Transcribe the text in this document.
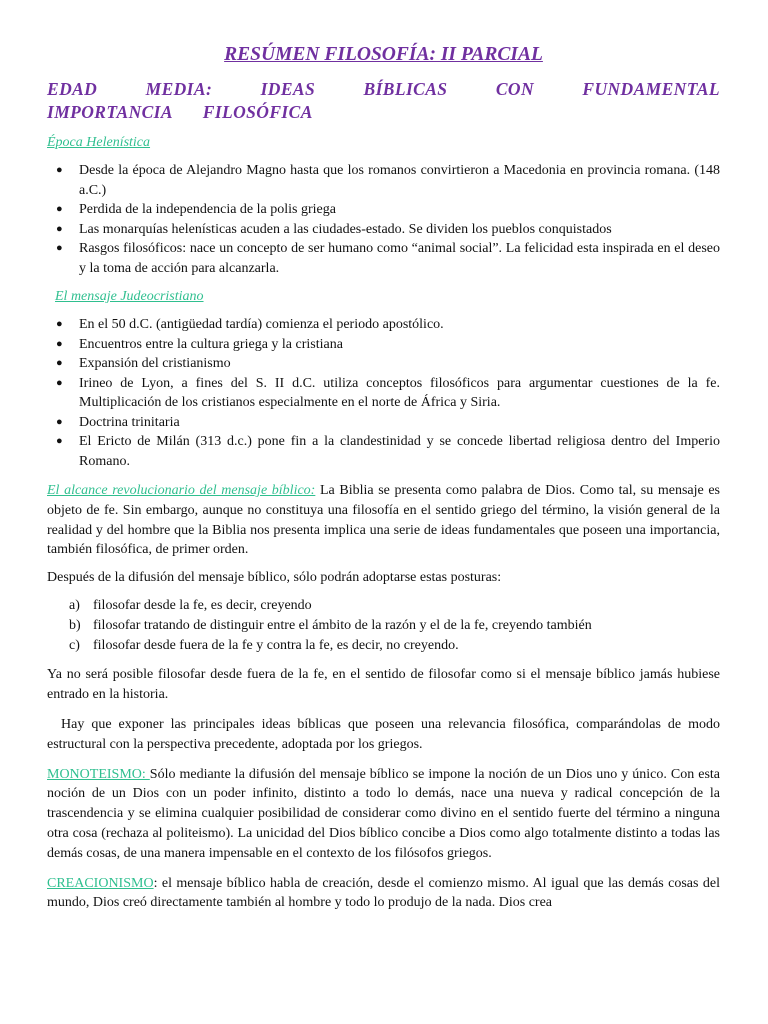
RESÚMEN FILOSOFÍA: II PARCIAL
EDAD MEDIA: IDEAS BÍBLICAS CON FUNDAMENTAL IMPORTANCIA FILOSÓFICA
Época Helenística
● Desde la época de Alejandro Magno hasta que los romanos convirtieron a Macedonia en provincia romana. (148 a.C.)
● Perdida de la independencia de la polis griega
● Las monarquías helenísticas acuden a las ciudades-estado. Se dividen los pueblos conquistados
● Rasgos filosóficos: nace un concepto de ser humano como “animal social”. La felicidad esta inspirada en el deseo y la toma de acción para alcanzarla.
El mensaje Judeocristiano
● En el 50 d.C. (antigüedad tardía) comienza el periodo apostólico.
● Encuentros entre la cultura griega y la cristiana
● Expansión del cristianismo
● Irineo de Lyon, a fines del S. II d.C. utiliza conceptos filosóficos para argumentar cuestiones de la fe. Multiplicación de los cristianos especialmente en el norte de África y Siria.
● Doctrina trinitaria
● El Ericto de Milán (313 d.c.) pone fin a la clandestinidad y se concede libertad religiosa dentro del Imperio Romano.

El alcance revolucionario del mensaje bíblico: La Biblia se presenta como palabra de Dios. Como tal, su mensaje es objeto de fe. Sin embargo, aunque no constituya una filosofía en el sentido griego del término, la visión general de la realidad y del hombre que la Biblia nos presenta implica una serie de ideas fundamentales que poseen una importancia, también filosófica, de primer orden.

Después de la difusión del mensaje bíblico, sólo podrán adoptarse estas posturas:

a) filosofar desde la fe, es decir, creyendo
b) filosofar tratando de distinguir entre el ámbito de la razón y el de la fe, creyendo también
c) filosofar desde fuera de la fe y contra la fe, es decir, no creyendo.

Ya no será posible filosofar desde fuera de la fe, en el sentido de filosofar como si el mensaje bíblico jamás hubiese entrado en la historia.

Hay que exponer las principales ideas bíblicas que poseen una relevancia filosófica, comparándolas de modo estructural con la perspectiva precedente, adoptada por los griegos.

MONOTEISMO: Sólo mediante la difusión del mensaje bíblico se impone la noción de un Dios uno y único. Con esta noción de un Dios con un poder infinito, distinto a todo lo demás, nace una nueva y radical concepción de la trascendencia y se elimina cualquier posibilidad de considerar como divino en el sentido fuerte del término a ninguna otra cosa (rechaza al politeismo). La unicidad del Dios bíblico concibe a Dios como algo totalmente distinto a todas las demás cosas, de una manera impensable en el contexto de los filósofos griegos.

CREACIONISMO: el mensaje bíblico habla de creación, desde el comienzo mismo. Al igual que las demás cosas del mundo, Dios creó directamente también al hombre y todo lo produjo de la nada. Dios crea
